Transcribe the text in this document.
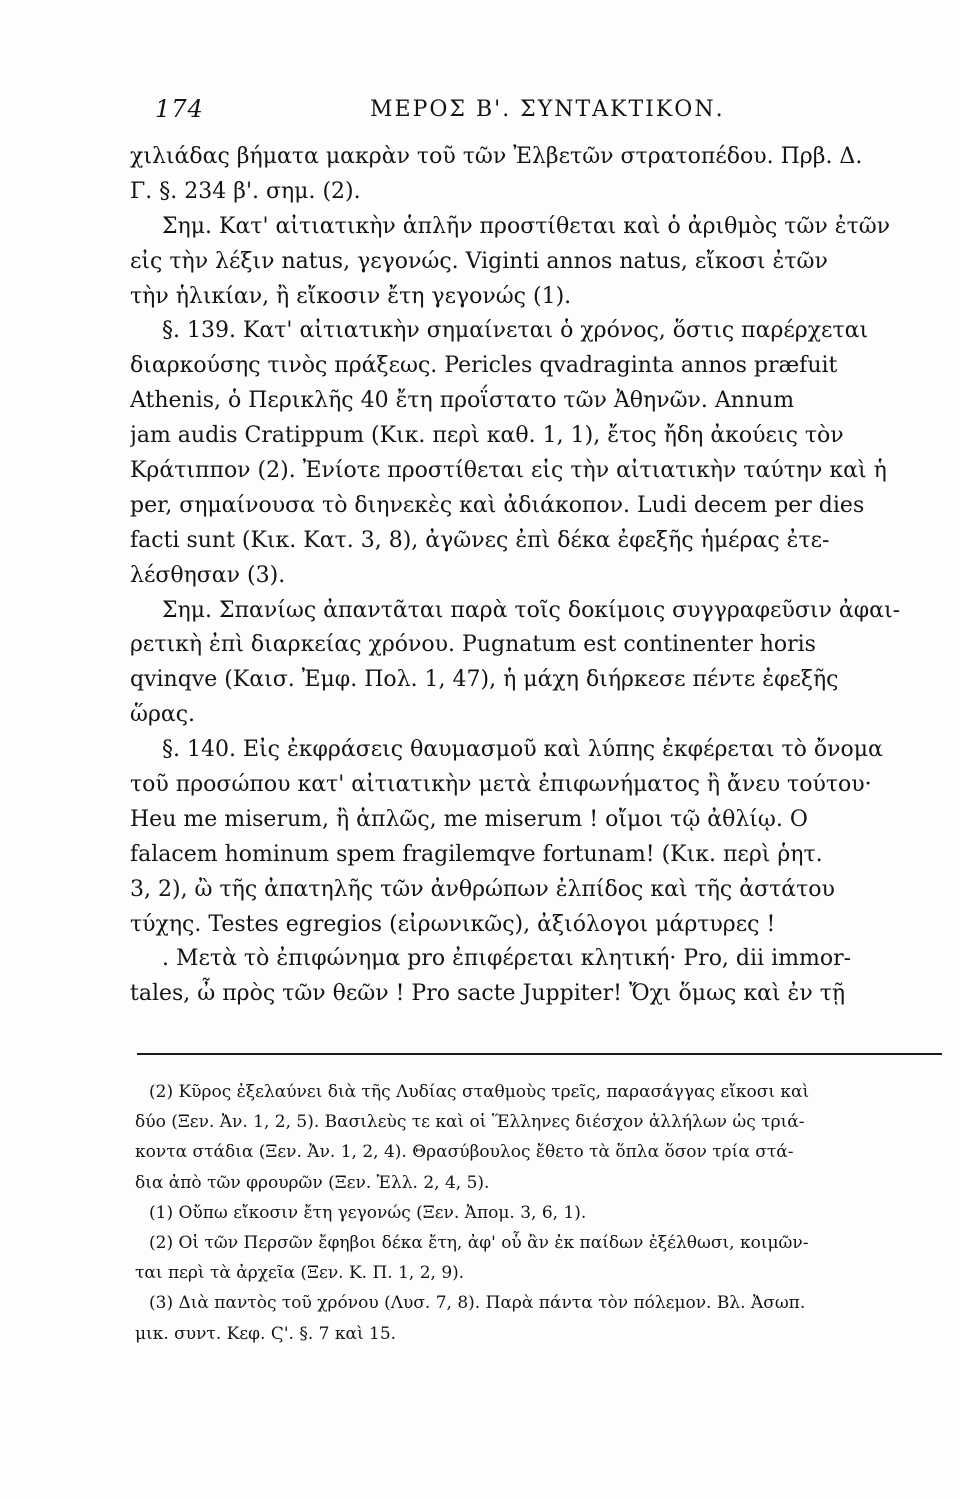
174	ΜΕΡΟΣ Β'. ΣΥΝΤΑΚΤΙΚΟΝ.
χιλιάδας βήματα μακρὰν τοῦ τῶν Ἐλβετῶν στρατοπέδου. Πρβ. Δ.
Γ. §. 234 β'. σημ. (2).
Σημ. Κατ' αἰτιατικὴν ἁπλῆν προστίθεται καὶ ὁ ἀριθμὸς τῶν ἐτῶν
εἰς τὴν λέξιν natus, γεγονώς. Viginti annos natus, εἴκοσι ἐτῶν
τὴν ἡλικίαν, ἢ εἴκοσιν ἔτη γεγονώς (1).
§. 139. Κατ' αἰτιατικὴν σημαίνεται ὁ χρόνος, ὅστις παρέρχεται
διαρκούσης τινὸς πράξεως. Pericles qvadraginta annos præfuit
Athenis, ὁ Περικλῆς 40 ἔτη προΐστατο τῶν Ἀθηνῶν. Annum
jam audis Cratippum (Κικ. περὶ καθ. 1, 1), ἔτος ἤδη ἀκούεις τὸν
Κράτιππον (2). Ἐνίοτε προστίθεται εἰς τὴν αἰτιατικὴν ταύτην καὶ ἡ
per, σημαίνουσα τὸ διηνεκὲς καὶ ἀδιάκοπον. Ludi decem per dies
facti sunt (Κικ. Κατ. 3, 8), ἀγῶνες ἐπὶ δέκα ἐφεξῆς ἡμέρας ἐτε-
λέσθησαν (3).
Σημ. Σπανίως ἀπαντᾶται παρὰ τοῖς δοκίμοις συγγραφεῦσιν ἀφαι-
ρετικὴ ἐπὶ διαρκείας χρόνου. Pugnatum est continenter horis
qvinqve (Καισ. Ἐμφ. Πολ. 1, 47), ἡ μάχη διήρκεσε πέντε ἐφεξῆς
ὥρας.
§. 140. Εἰς ἐκφράσεις θαυμασμοῦ καὶ λύπης ἐκφέρεται τὸ ὄνομα
τοῦ προσώπου κατ' αἰτιατικὴν μετὰ ἐπιφωνήματος ἢ ἄνευ τούτου·
Heu me miserum, ἢ ἁπλῶς, me miserum ! οἴμοι τῷ ἀθλίῳ. O
falacem hominum spem fragilemqve fortunam! (Κικ. περὶ ῥητ.
3, 2), ὢ τῆς ἀπατηλῆς τῶν ἀνθρώπων ἐλπίδος καὶ τῆς ἀστάτου
τύχης. Testes egregios (εἰρωνικῶς), ἀξιόλογοι μάρτυρες !
. Μετὰ τὸ ἐπιφώνημα pro ἐπιφέρεται κλητική· Pro, dii immor-
tales, ὦ πρὸς τῶν θεῶν ! Pro sacte Juppiter! Ὄχι ὅμως καὶ ἐν τῇ
(2) Κῦρος ἐξελαύνει διὰ τῆς Λυδίας σταθμοὺς τρεῖς, παρασάγγας εἴκοσι καὶ
δύο (Ξεν. Ἀν. 1, 2, 5). Βασιλεὺς τε καὶ οἱ Ἕλληνες διέσχον ἀλλήλων ὡς τριά-
κοντα στάδια (Ξεν. Ἀν. 1, 2, 4). Θρασύβουλος ἔθετο τὰ ὅπλα ὅσον τρία στά-
δια ἀπὸ τῶν φρουρῶν (Ξεν. Ἑλλ. 2, 4, 5).
(1) Οὔπω εἴκοσιν ἔτη γεγονώς (Ξεν. Ἀπομ. 3, 6, 1).
(2) Οἱ τῶν Περσῶν ἔφηβοι δέκα ἔτη, ἀφ' οὗ ἂν ἐκ παίδων ἐξέλθωσι, κοιμῶν-
ται περὶ τὰ ἀρχεῖα (Ξεν. Κ. Π. 1, 2, 9).
(3) Διὰ παντὸς τοῦ χρόνου (Λυσ. 7, 8). Παρὰ πάντα τὸν πόλεμον. Βλ. Ἀσωπ.
μικ. συντ. Κεφ. Ϛ'. §. 7 καὶ 15.
